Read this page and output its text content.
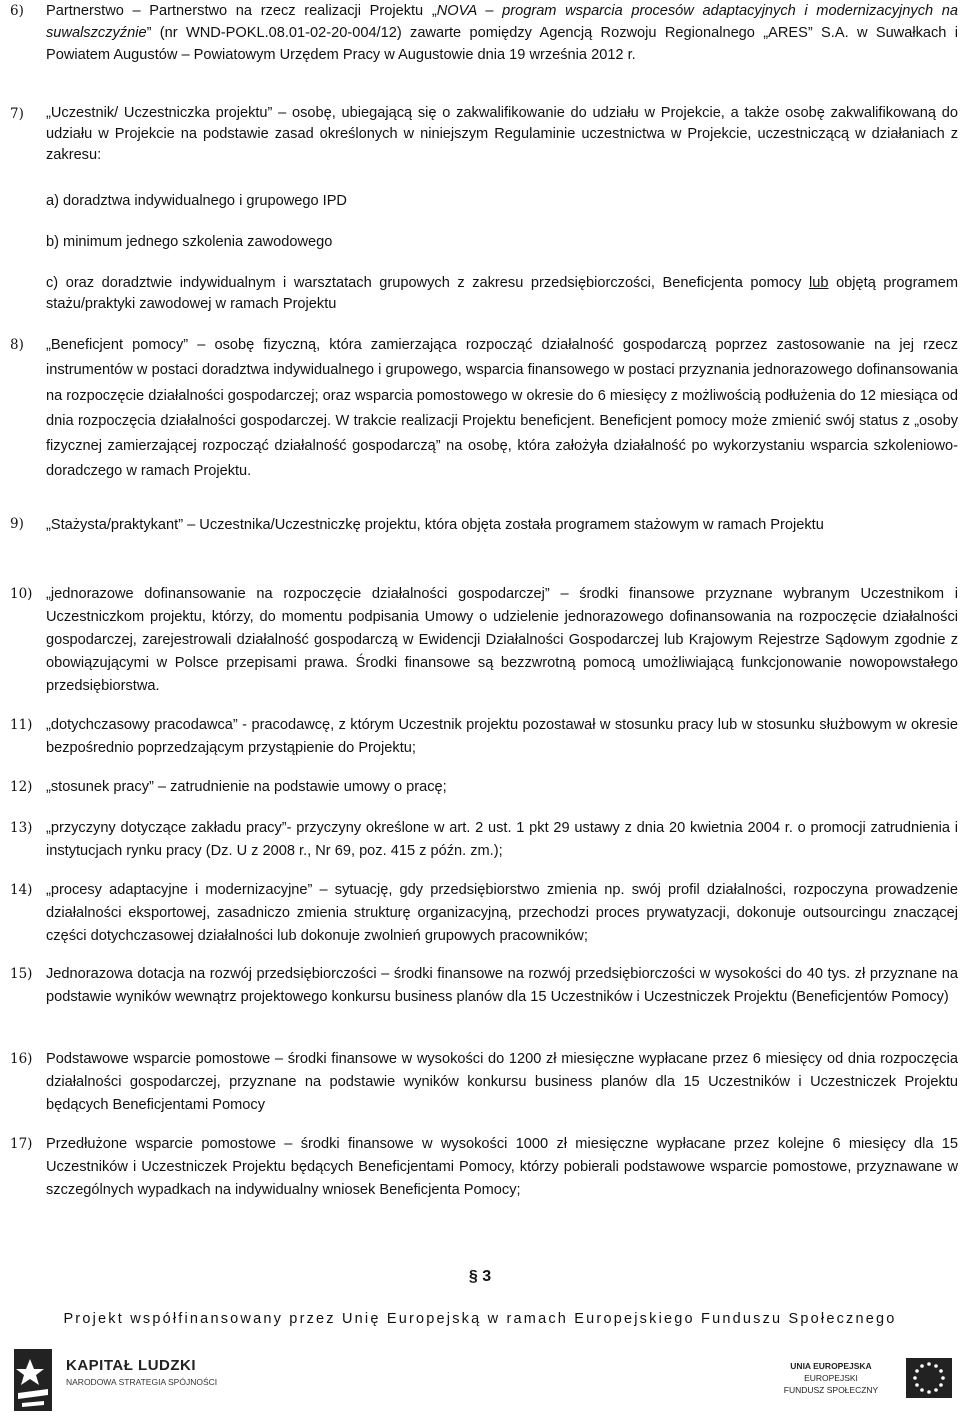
6) Partnerstwo – Partnerstwo na rzecz realizacji Projektu „NOVA – program wsparcia procesów adaptacyjnych i modernizacyjnych na suwalszczyźnie” (nr WND-POKL.08.01-02-20-004/12) zawarte pomiędzy Agencją Rozwoju Regionalnego „ARES” S.A. w Suwałkach i Powiatem Augustów – Powiatowym Urzędem Pracy w Augustowie dnia 19 września 2012 r.
7) „Uczestnik/ Uczestniczka projektu” – osobę, ubiegającą się o zakwalifikowanie do udziału w Projekcie, a także osobę zakwalifikowaną do udziału w Projekcie na podstawie zasad określonych w niniejszym Regulaminie uczestnictwa w Projekcie, uczestniczącą w działaniach z zakresu:
a) doradztwa indywidualnego i grupowego IPD
b) minimum jednego szkolenia zawodowego
c) oraz doradztwie indywidualnym i warsztatach grupowych z zakresu przedsiębiorczości, Beneficjenta pomocy lub objętą programem stażu/praktyki zawodowej w ramach Projektu
8) „Beneficjent pomocy” – osobę fizyczną, która zamierzająca rozpocząć działalność gospodarczą poprzez zastosowanie na jej rzecz instrumentów w postaci doradztwa indywidualnego i grupowego, wsparcia finansowego w postaci przyznania jednorazowego dofinansowania na rozpoczęcie działalności gospodarczej; oraz wsparcia pomostowego w okresie do 6 miesięcy z możliwością podłużenia do 12 miesiąca od dnia rozpoczęcia działalności gospodarczej. W trakcie realizacji Projektu beneficjent. Beneficjent pomocy może zmienić swój status z „osoby fizycznej zamierzającej rozpocząć działalność gospodarczą” na osobę, która założyła działalność po wykorzystaniu wsparcia szkoleniowo-doradczego w ramach Projektu.
9) „Stażysta/praktykant” – Uczestnika/Uczestniczkę projektu, która objęta została programem stażowym w ramach Projektu
10) „jednorazowe dofinansowanie na rozpoczęcie działalności gospodarczej” – środki finansowe przyznane wybranym Uczestnikom i Uczestniczkom projektu, którzy, do momentu podpisania Umowy o udzielenie jednorazowego dofinansowania na rozpoczęcie działalności gospodarczej, zarejestrowali działalność gospodarczą w Ewidencji Działalności Gospodarczej lub Krajowym Rejestrze Sądowym zgodnie z obowiązującymi w Polsce przepisami prawa. Środki finansowe są bezzwrotną pomocą umożliwiającą funkcjonowanie nowopowstałego przedsiębiorstwa.
11) „dotychczasowy pracodawca” - pracodawcę, z którym Uczestnik projektu pozostawał w stosunku pracy lub w stosunku służbowym w okresie bezpośrednio poprzedzającym przystąpienie do Projektu;
12) „stosunek pracy” – zatrudnienie na podstawie umowy o pracę;
13) „przyczyny dotyczące zakładu pracy”- przyczyny określone w art. 2 ust. 1 pkt 29 ustawy z dnia 20 kwietnia 2004 r. o promocji zatrudnienia i instytucjach rynku pracy (Dz. U z 2008 r., Nr 69, poz. 415 z późn. zm.);
14) „procesy adaptacyjne i modernizacyjne” – sytuację, gdy przedsiębiorstwo zmienia np. swój profil działalności, rozpoczyna prowadzenie działalności eksportowej, zasadniczo zmienia strukturę organizacyjną, przechodzi proces prywatyzacji, dokonuje outsourcingu znaczącej części dotychczasowej działalności lub dokonuje zwolnień grupowych pracowników;
15) Jednorazowa dotacja na rozwój przedsiębiorczości – środki finansowe na rozwój przedsiębiorczości w wysokości do 40 tys. zł przyznane na podstawie wyników wewnątrz projektowego konkursu business planów dla 15 Uczestników i Uczestniczek Projektu (Beneficjentów Pomocy)
16) Podstawowe wsparcie pomostowe – środki finansowe w wysokości do 1200 zł miesięczne wypłacane przez 6 miesięcy od dnia rozpoczęcia działalności gospodarczej, przyznane na podstawie wyników konkursu business planów dla 15 Uczestników i Uczestniczek Projektu będących Beneficjentami Pomocy
17) Przedłużone wsparcie pomostowe – środki finansowe w wysokości 1000 zł miesięczne wypłacane przez kolejne 6 miesięcy dla 15 Uczestników i Uczestniczek Projektu będących Beneficjentami Pomocy, którzy pobierali podstawowe wsparcie pomostowe, przyznawane w szczególnych wypadkach na indywidualny wniosek Beneficjenta Pomocy;
§ 3
Projekt współfinansowany przez Unię Europejską w ramach Europejskiego Funduszu Społecznego
KAPITAŁ LUDZKI
NARODOWA STRATEGIA SPÓJNOŚCI
UNIA EUROPEJSKA
EUROPEJSKI
FUNDUSZ SPOŁECZNY
